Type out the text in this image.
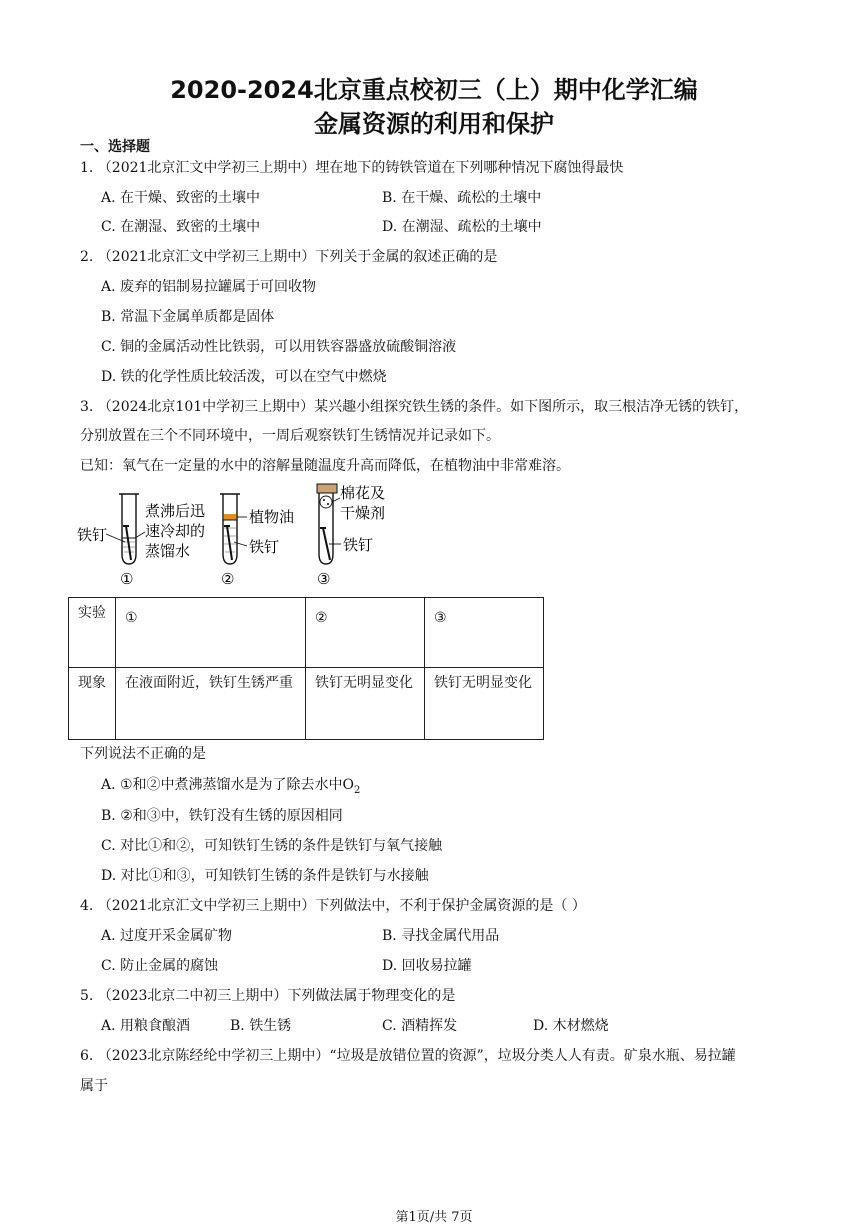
2020-2024北京重点校初三（上）期中化学汇编
金属资源的利用和保护
一、选择题
1. （2021北京汇文中学初三上期中）埋在地下的铸铁管道在下列哪种情况下腐蚀得最快
A. 在干燥、致密的土壤中	B. 在干燥、疏松的土壤中
C. 在潮湿、致密的土壤中	D. 在潮湿、疏松的土壤中
2. （2021北京汇文中学初三上期中）下列关于金属的叙述正确的是
A. 废弃的铝制易拉罐属于可回收物
B. 常温下金属单质都是固体
C. 铜的金属活动性比铁弱，可以用铁容器盛放硫酸铜溶液
D. 铁的化学性质比较活泼，可以在空气中燃烧
3. （2024北京101中学初三上期中）某兴趣小组探究铁生锈的条件。如下图所示，取三根洁净无锈的铁钉，
分别放置在三个不同环境中，一周后观察铁钉生锈情况并记录如下。
已知：氧气在一定量的水中的溶解量随温度升高而降低，在植物油中非常难溶。
铁钉
煮沸后迅
速冷却的
蒸馏水
①
植物油
铁钉
②
棉花及
干燥剂
铁钉
③
实验	①	②	③
现象	在液面附近，铁钉生锈严重	铁钉无明显变化	铁钉无明显变化
下列说法不正确的是
A. ①和②中煮沸蒸馏水是为了除去水中$O_2$
B. ②和③中，铁钉没有生锈的原因相同
C. 对比①和②，可知铁钉生锈的条件是铁钉与氧气接触
D. 对比①和③，可知铁钉生锈的条件是铁钉与水接触
4. （2021北京汇文中学初三上期中）下列做法中，不利于保护金属资源的是（ ）
A. 过度开采金属矿物	B. 寻找金属代用品
C. 防止金属的腐蚀	D. 回收易拉罐
5. （2023北京二中初三上期中）下列做法属于物理变化的是
A. 用粮食酿酒	B. 铁生锈	C. 酒精挥发	D. 木材燃烧
6. （2023北京陈经纶中学初三上期中）“垃圾是放错位置的资源”，垃圾分类人人有责。矿泉水瓶、易拉罐
属于
第1页/共 7页
